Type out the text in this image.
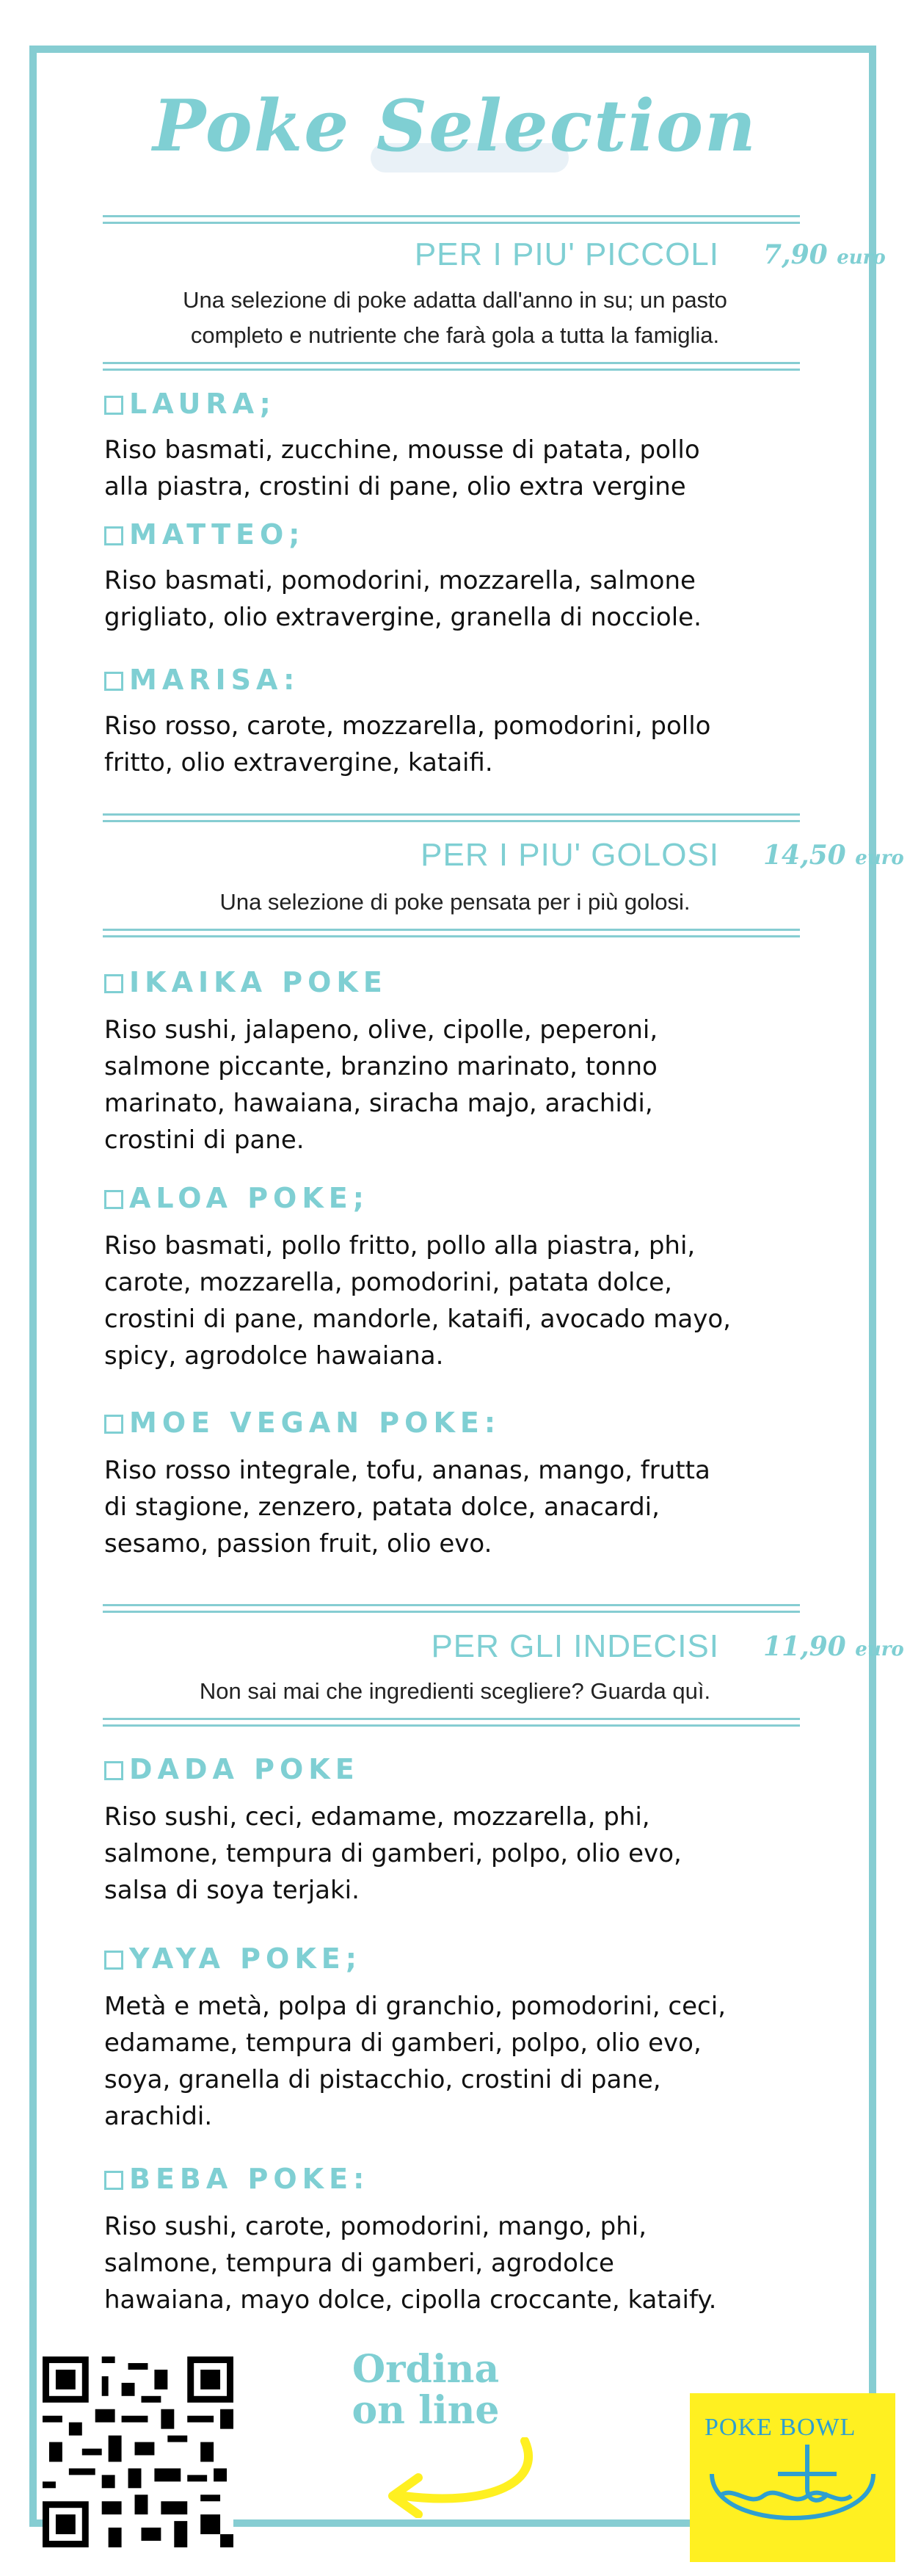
Poke Selection
PER I PIU' PICCOLI 7,90 euro
Una selezione di poke adatta dall'anno in su; un pasto
completo e nutriente che farà gola a tutta la famiglia.
LAURA;
Riso basmati, zucchine, mousse di patata, pollo
alla piastra, crostini di pane, olio extra vergine
MATTEO;
Riso basmati, pomodorini, mozzarella, salmone
grigliato, olio extravergine, granella di nocciole.
MARISA:
Riso rosso, carote, mozzarella, pomodorini, pollo
fritto, olio extravergine, kataifi.
PER I PIU' GOLOSI 14,50 euro
Una selezione di poke pensata per i più golosi.
IKAIKA POKE
Riso sushi, jalapeno, olive, cipolle, peperoni,
salmone piccante, branzino marinato, tonno
marinato, hawaiana, siracha majo, arachidi,
crostini di pane.
ALOA POKE;
Riso basmati, pollo fritto, pollo alla piastra, phi,
carote, mozzarella, pomodorini, patata dolce,
crostini di pane, mandorle, kataifi, avocado mayo,
spicy, agrodolce hawaiana.
MOE VEGAN POKE:
Riso rosso integrale, tofu, ananas, mango, frutta
di stagione, zenzero, patata dolce, anacardi,
sesamo, passion fruit, olio evo.
PER GLI INDECISI 11,90 euro
Non sai mai che ingredienti scegliere? Guarda quì.
DADA POKE
Riso sushi, ceci, edamame, mozzarella, phi,
salmone, tempura di gamberi, polpo, olio evo,
salsa di soya terjaki.
YAYA POKE;
Metà e metà, polpa di granchio, pomodorini, ceci,
edamame, tempura di gamberi, polpo, olio evo,
soya, granella di pistacchio, crostini di pane,
arachidi.
BEBA POKE:
Riso sushi, carote, pomodorini, mango, phi,
salmone, tempura di gamberi, agrodolce
hawaiana, mayo dolce, cipolla croccante, kataify.
Ordina
on line	POKE BOWL
